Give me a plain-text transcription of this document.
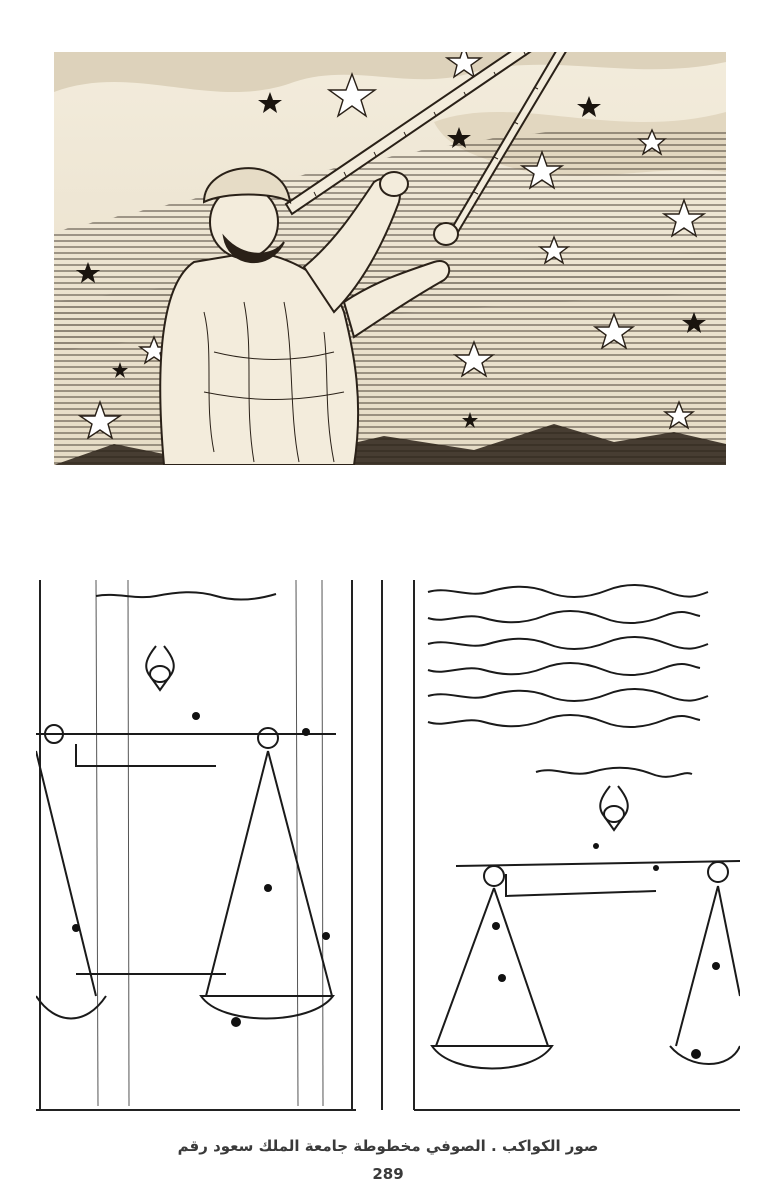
صور الكواكب . الصوفي مخطوطة جامعة الملك سعود رقم
289
